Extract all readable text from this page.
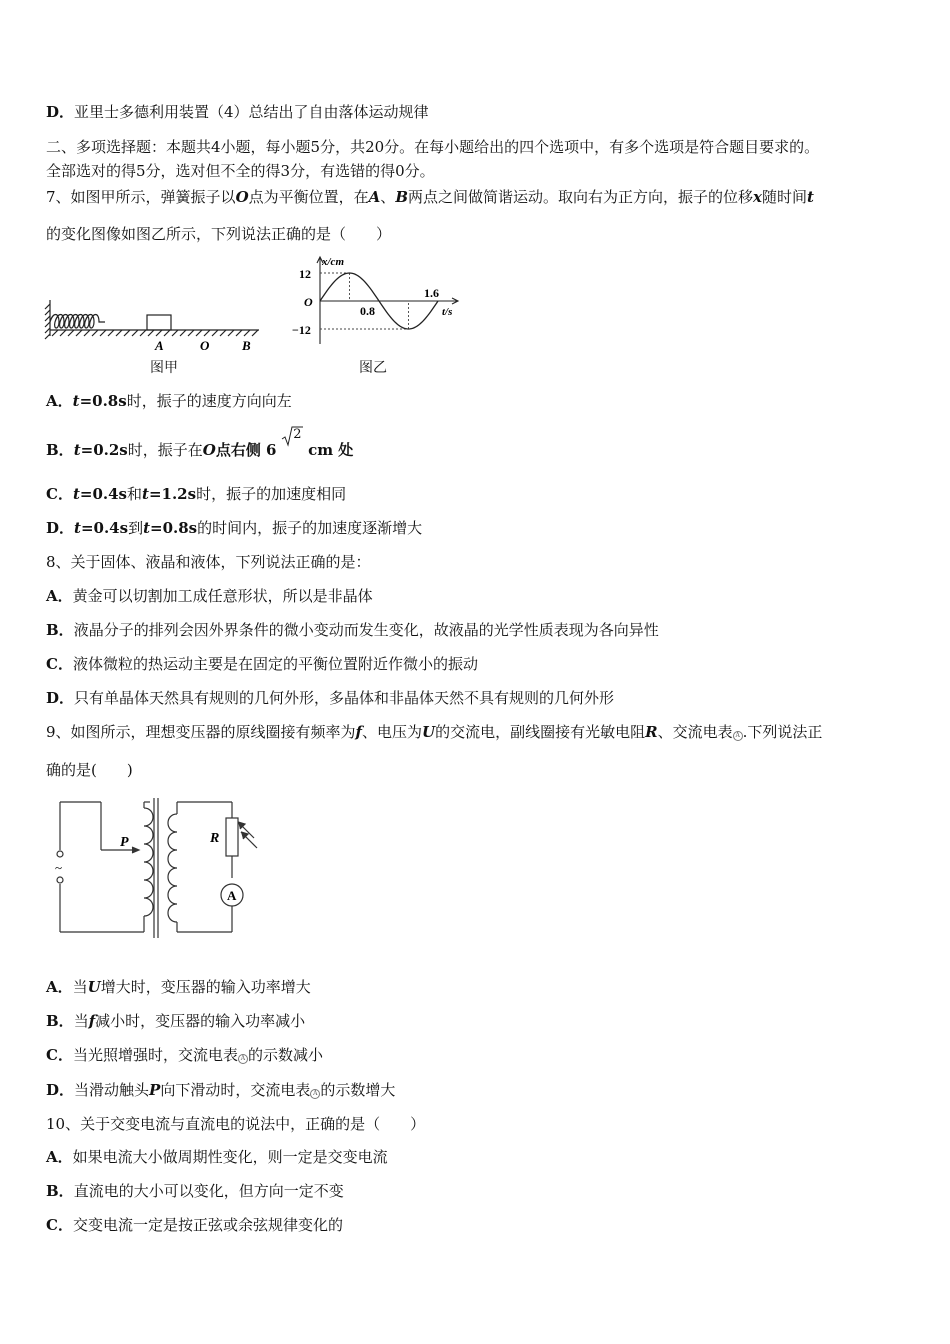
D．亚里士多德利用装置（4）总结出了自由落体运动规律
二、多项选择题：本题共4小题，每小题5分，共20分。在每小题给出的四个选项中，有多个选项是符合题目要求的。
全部选对的得5分，选对但不全的得3分，有选错的得0分。
7、如图甲所示，弹簧振子以O点为平衡位置，在A、B两点之间做简谐运动。取向右为正方向，振子的位移x随时间t
的变化图像如图乙所示，下列说法正确的是（　　）
A	O	B
图甲
x/cm
t/s
12
−12
O
0.8
1.6
图乙
A．t=0.8s时，振子的速度方向向左
B．t=0.2s时，振子在O点右侧 6
2
cm 处
C．t=0.4s和t=1.2s时，振子的加速度相同
D．t=0.4s到t=0.8s的时间内，振子的加速度逐渐增大
8、关于固体、液晶和液体，下列说法正确的是：
A．黄金可以切割加工成任意形状，所以是非晶体
B．液晶分子的排列会因外界条件的微小变动而发生变化，故液晶的光学性质表现为各向异性
C．液体微粒的热运动主要是在固定的平衡位置附近作微小的振动
D．只有单晶体天然具有规则的几何外形，多晶体和非晶体天然不具有规则的几何外形
9、如图所示，理想变压器的原线圈接有频率为f、电压为U的交流电，副线圈接有光敏电阻R、交流电表 A .下列说法正
确的是(　　)
P	R
A
~
A．当U增大时，变压器的输入功率增大
B．当f减小时，变压器的输入功率减小
C．当光照增强时，交流电表 A 的示数减小
D．当滑动触头P向下滑动时，交流电表 A 的示数增大
10、关于交变电流与直流电的说法中，正确的是（　　）
A．如果电流大小做周期性变化，则一定是交变电流
B．直流电的大小可以变化，但方向一定不变
C．交变电流一定是按正弦或余弦规律变化的
